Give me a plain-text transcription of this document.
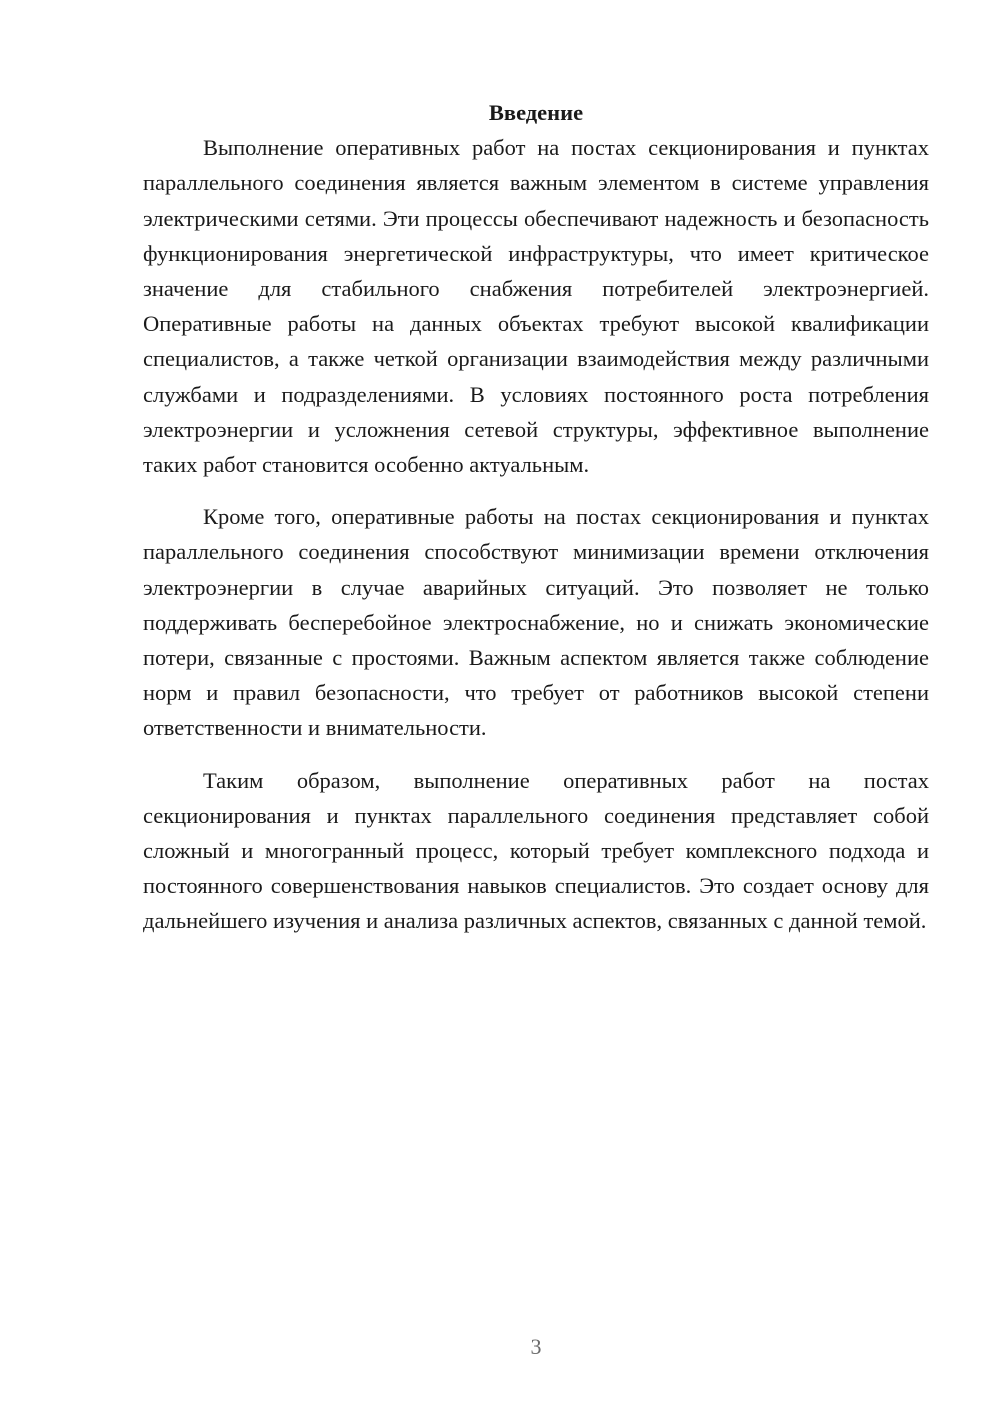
Введение

Выполнение оперативных работ на постах секционирования и пунктах параллельного соединения является важным элементом в системе управления электрическими сетями. Эти процессы обеспечивают надежность и безопасность функционирования энергетической инфраструктуры, что имеет критическое значение для стабильного снабжения потребителей электроэнергией. Оперативные работы на данных объектах требуют высокой квалификации специалистов, а также четкой организации взаимодействия между различными службами и подразделениями. В условиях постоянного роста потребления электроэнергии и усложнения сетевой структуры, эффективное выполнение таких работ становится особенно актуальным.

Кроме того, оперативные работы на постах секционирования и пунктах параллельного соединения способствуют минимизации времени отключения электроэнергии в случае аварийных ситуаций. Это позволяет не только поддерживать бесперебойное электроснабжение, но и снижать экономические потери, связанные с простоями. Важным аспектом является также соблюдение норм и правил безопасности, что требует от работников высокой степени ответственности и внимательности.

Таким образом, выполнение оперативных работ на постах секционирования и пунктах параллельного соединения представляет собой сложный и многогранный процесс, который требует комплексного подхода и постоянного совершенствования навыков специалистов. Это создает основу для дальнейшего изучения и анализа различных аспектов, связанных с данной темой.

3
